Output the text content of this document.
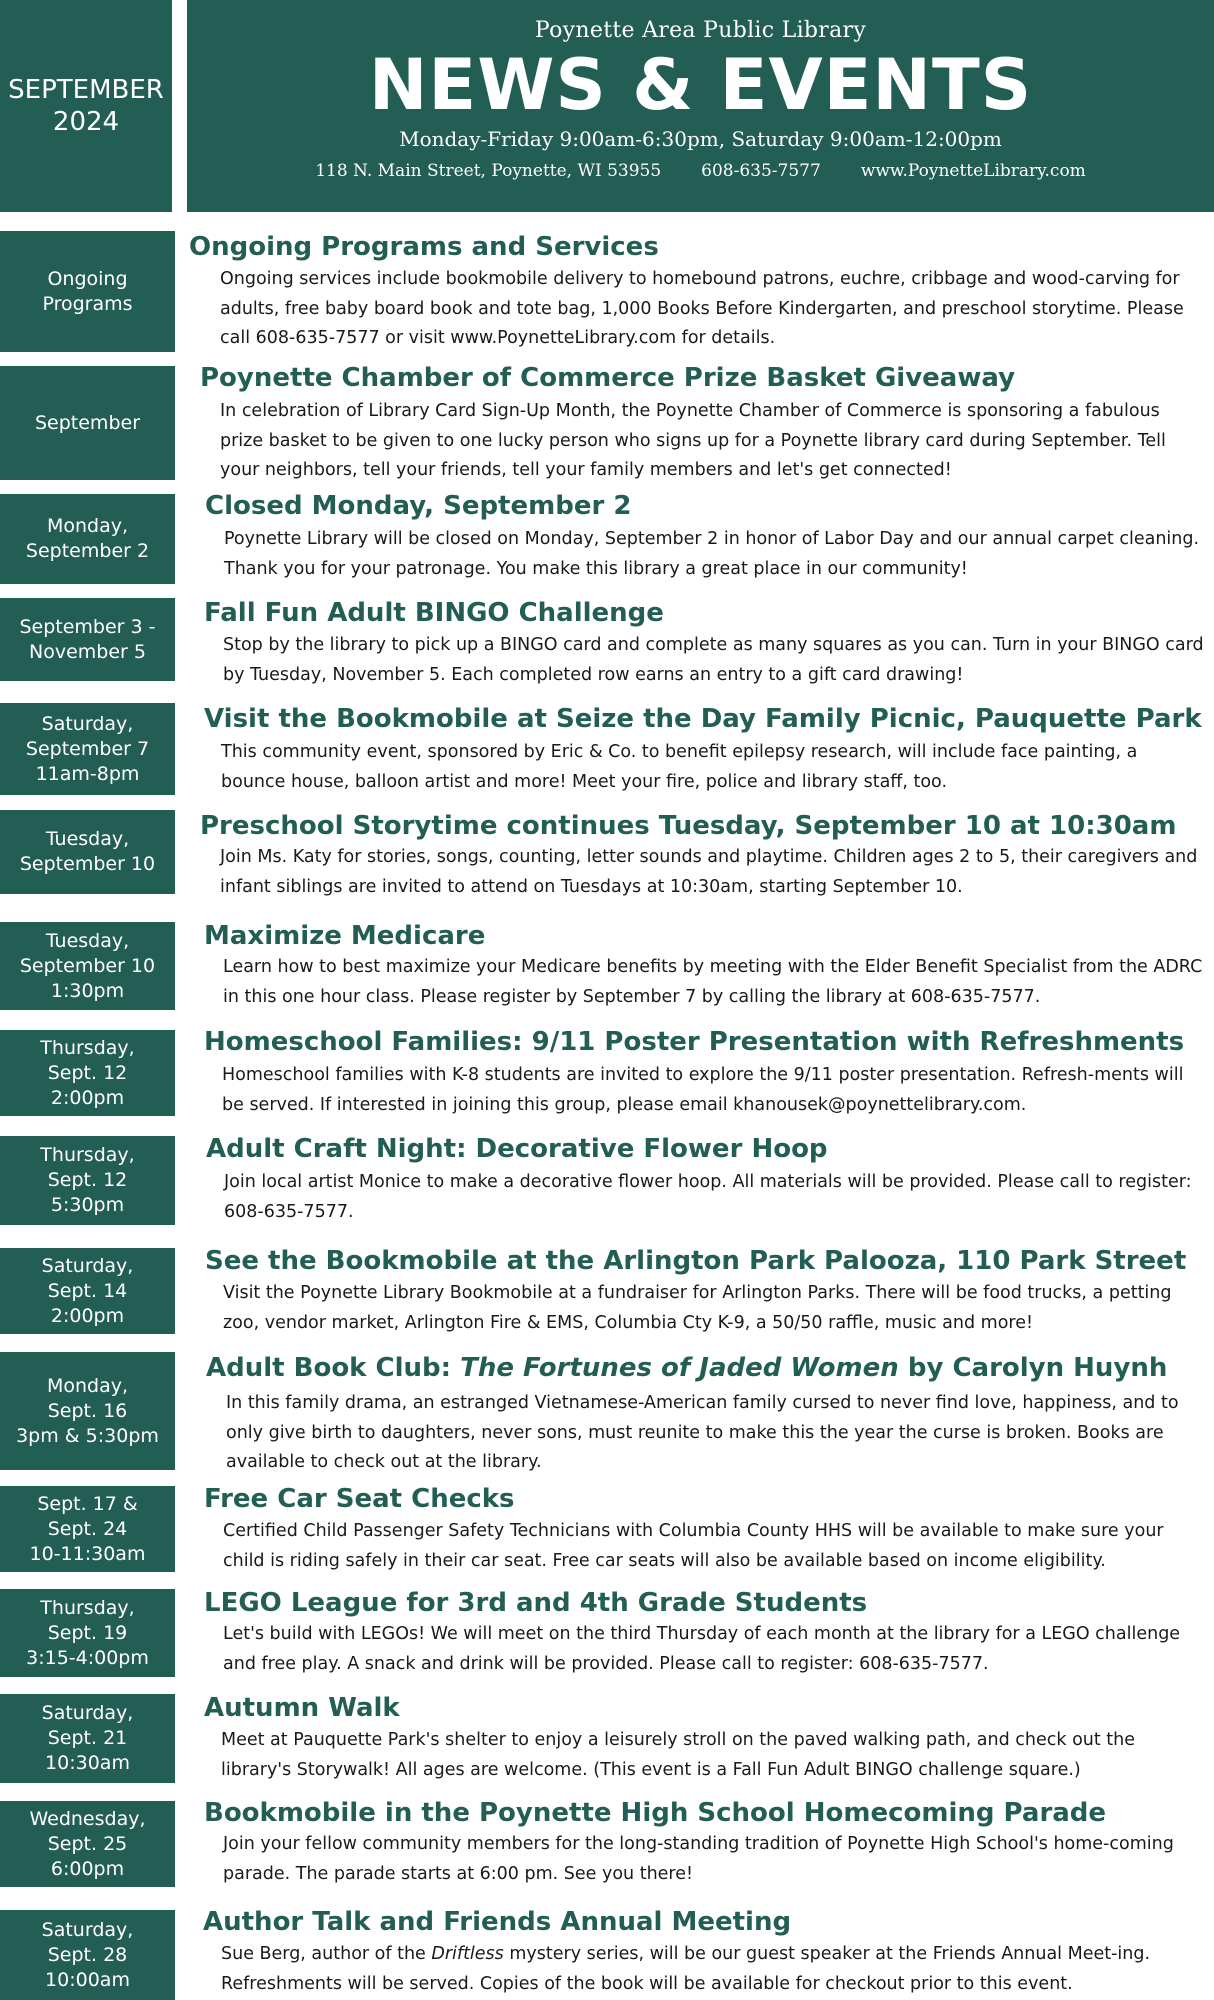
SEPTEMBER
2024
Poynette Area Public Library
NEWS & EVENTS
Monday-Friday 9:00am-6:30pm, Saturday 9:00am-12:00pm
118 N. Main Street, Poynette, WI 53955 608-635-7577 www.PoynetteLibrary.com
Ongoing
Programs
Ongoing Programs and Services
Ongoing services include bookmobile delivery to homebound patrons, euchre, cribbage and wood-carving for adults, free baby board book and tote bag, 1,000 Books Before Kindergarten, and preschool storytime. Please call 608-635-7577 or visit www.PoynetteLibrary.com for details.
September
Poynette Chamber of Commerce Prize Basket Giveaway
In celebration of Library Card Sign-Up Month, the Poynette Chamber of Commerce is sponsoring a fabulous prize basket to be given to one lucky person who signs up for a Poynette library card during September. Tell your neighbors, tell your friends, tell your family members and let's get connected!
Monday,
September 2
Closed Monday, September 2
Poynette Library will be closed on Monday, September 2 in honor of Labor Day and our annual carpet cleaning. Thank you for your patronage. You make this library a great place in our community!
September 3 -
November 5
Fall Fun Adult BINGO Challenge
Stop by the library to pick up a BINGO card and complete as many squares as you can. Turn in your BINGO card by Tuesday, November 5. Each completed row earns an entry to a gift card drawing!
Saturday,
September 7
11am-8pm
Visit the Bookmobile at Seize the Day Family Picnic, Pauquette Park
This community event, sponsored by Eric & Co. to benefit epilepsy research, will include face painting, a bounce house, balloon artist and more! Meet your fire, police and library staff, too.
Tuesday,
September 10
Preschool Storytime continues Tuesday, September 10 at 10:30am
Join Ms. Katy for stories, songs, counting, letter sounds and playtime. Children ages 2 to 5, their caregivers and infant siblings are invited to attend on Tuesdays at 10:30am, starting September 10.
Tuesday,
September 10
1:30pm
Maximize Medicare
Learn how to best maximize your Medicare benefits by meeting with the Elder Benefit Specialist from the ADRC in this one hour class. Please register by September 7 by calling the library at 608-635-7577.
Thursday,
Sept. 12
2:00pm
Homeschool Families: 9/11 Poster Presentation with Refreshments
Homeschool families with K-8 students are invited to explore the 9/11 poster presentation. Refresh-ments will be served. If interested in joining this group, please email khanousek@poynettelibrary.com.
Thursday,
Sept. 12
5:30pm
Adult Craft Night: Decorative Flower Hoop
Join local artist Monice to make a decorative flower hoop. All materials will be provided. Please call to register: 608-635-7577.
Saturday,
Sept. 14
2:00pm
See the Bookmobile at the Arlington Park Palooza, 110 Park Street
Visit the Poynette Library Bookmobile at a fundraiser for Arlington Parks. There will be food trucks, a petting zoo, vendor market, Arlington Fire & EMS, Columbia Cty K-9, a 50/50 raffle, music and more!
Monday,
Sept. 16
3pm & 5:30pm
Adult Book Club: The Fortunes of Jaded Women by Carolyn Huynh
In this family drama, an estranged Vietnamese-American family cursed to never find love, happiness, and to only give birth to daughters, never sons, must reunite to make this the year the curse is broken. Books are available to check out at the library.
Sept. 17 &
Sept. 24
10-11:30am
Free Car Seat Checks
Certified Child Passenger Safety Technicians with Columbia County HHS will be available to make sure your child is riding safely in their car seat. Free car seats will also be available based on income eligibility.
Thursday,
Sept. 19
3:15-4:00pm
LEGO League for 3rd and 4th Grade Students
Let's build with LEGOs! We will meet on the third Thursday of each month at the library for a LEGO challenge and free play. A snack and drink will be provided. Please call to register: 608-635-7577.
Saturday,
Sept. 21
10:30am
Autumn Walk
Meet at Pauquette Park's shelter to enjoy a leisurely stroll on the paved walking path, and check out the library's Storywalk! All ages are welcome. (This event is a Fall Fun Adult BINGO challenge square.)
Wednesday,
Sept. 25
6:00pm
Bookmobile in the Poynette High School Homecoming Parade
Join your fellow community members for the long-standing tradition of Poynette High School's home-coming parade. The parade starts at 6:00 pm. See you there!
Saturday,
Sept. 28
10:00am
Author Talk and Friends Annual Meeting
Sue Berg, author of the Driftless mystery series, will be our guest speaker at the Friends Annual Meet-ing. Refreshments will be served. Copies of the book will be available for checkout prior to this event.
